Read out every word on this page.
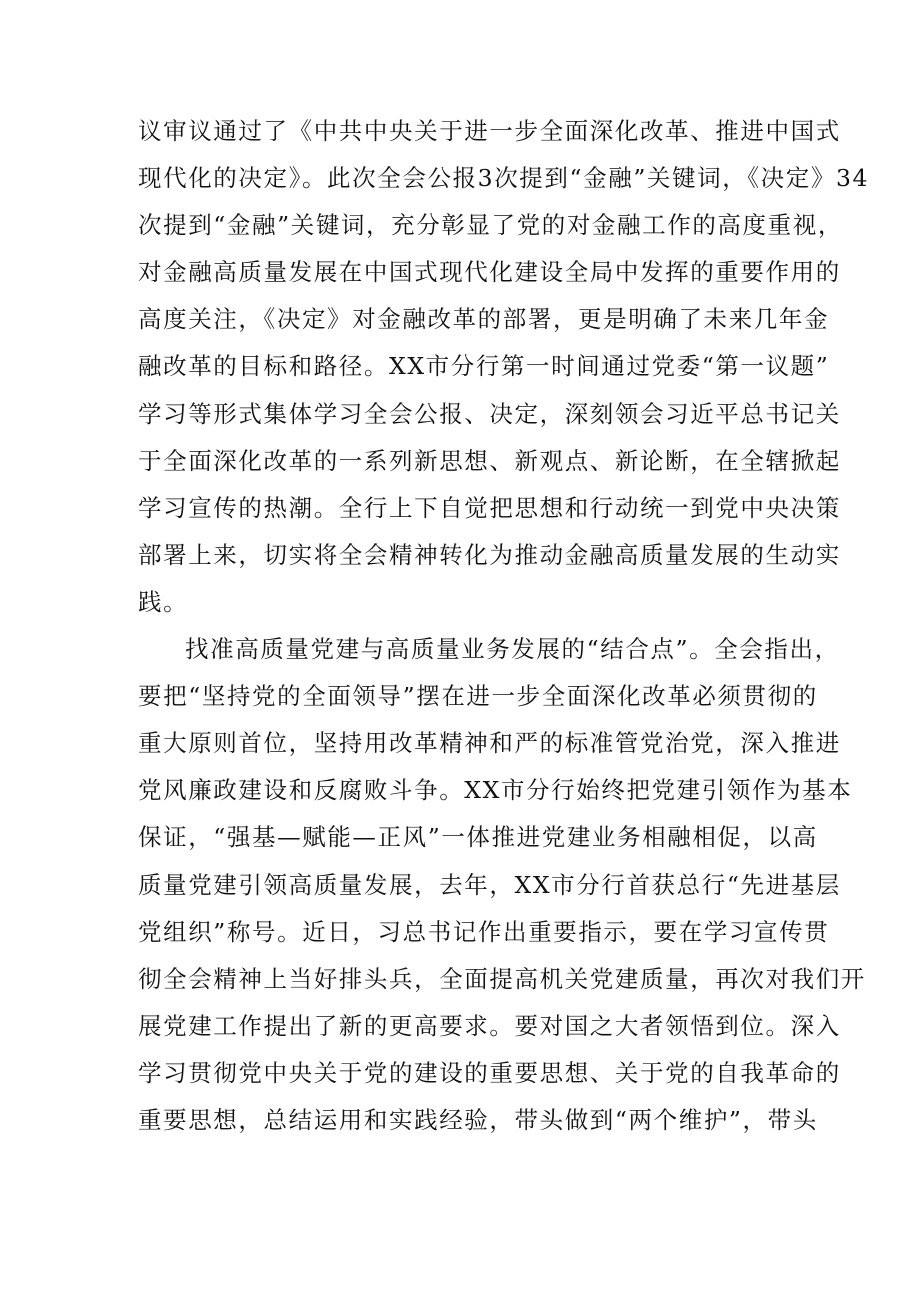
议审议通过了《中共中央关于进一步全面深化改革、推进中国式
现代化的决定》。此次全会公报3次提到“金融”关键词，《决定》34
次提到“金融”关键词，充分彰显了党的对金融工作的高度重视，
对金融高质量发展在中国式现代化建设全局中发挥的重要作用的
高度关注，《决定》对金融改革的部署，更是明确了未来几年金
融改革的目标和路径。XX市分行第一时间通过党委“第一议题”
学习等形式集体学习全会公报、决定，深刻领会习近平总书记关
于全面深化改革的一系列新思想、新观点、新论断，在全辖掀起
学习宣传的热潮。全行上下自觉把思想和行动统一到党中央决策
部署上来，切实将全会精神转化为推动金融高质量发展的生动实
践。
找准高质量党建与高质量业务发展的“结合点”。全会指出，
要把“坚持党的全面领导”摆在进一步全面深化改革必须贯彻的
重大原则首位，坚持用改革精神和严的标准管党治党，深入推进
党风廉政建设和反腐败斗争。XX市分行始终把党建引领作为基本
保证，“强基—赋能—正风”一体推进党建业务相融相促，以高
质量党建引领高质量发展，去年，XX市分行首获总行“先进基层
党组织”称号。近日，习总书记作出重要指示，要在学习宣传贯
彻全会精神上当好排头兵，全面提高机关党建质量，再次对我们开
展党建工作提出了新的更高要求。要对国之大者领悟到位。深入
学习贯彻党中央关于党的建设的重要思想、关于党的自我革命的
重要思想，总结运用和实践经验，带头做到“两个维护”，带头
